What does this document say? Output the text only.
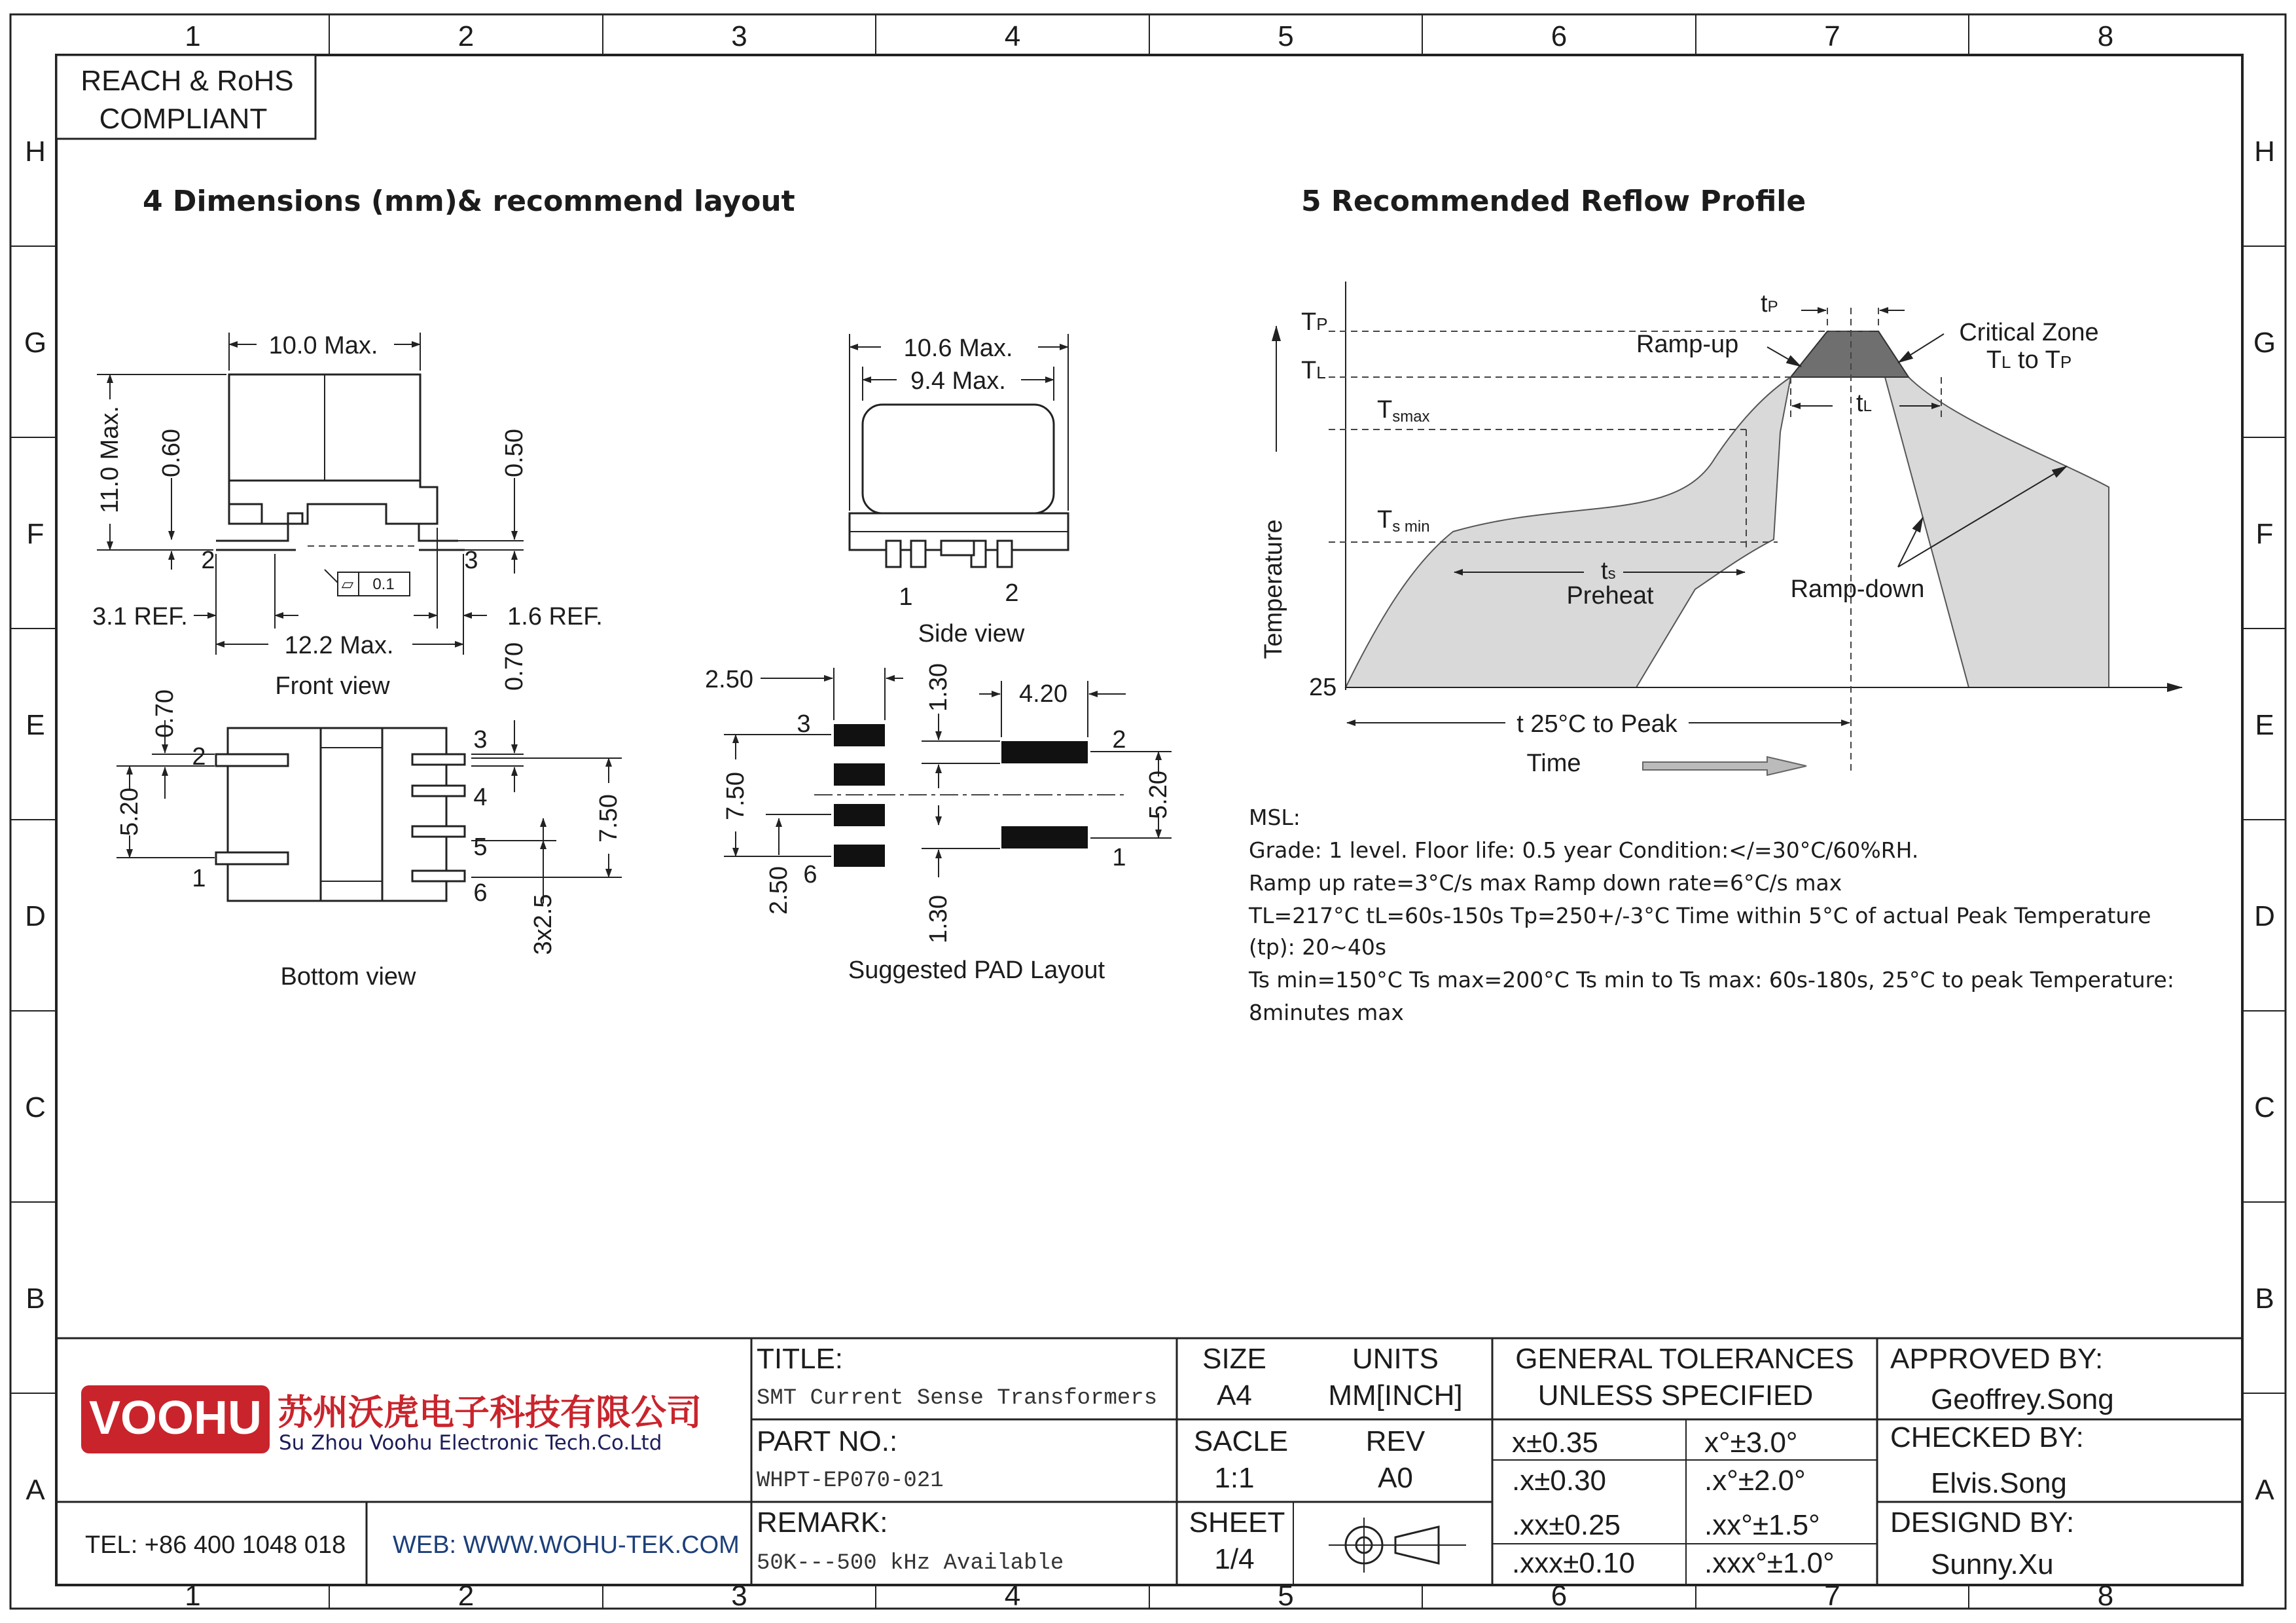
1	2	3	4	5	6	7	8
1	2	3	4	5	6	7	8
H
G
F
E
D
C
B
A
H
G
F
E
D
C
B
A
REACH & RoHS
COMPLIANT
4 Dimensions (mm)& recommend layout
▱ 0.1
10.0 Max.
11.0 Max. 0.60
2
0.50
3
3.1 REF.	1.6 REF.
12.2 Max.
Front view
10.6 Max.
9.4 Max.
1	2
Side view
0.70
5.20
0.70
7.50
3x2.5
2
1
3
4
5
6
Bottom view
2.50	1.30	4.20
7.50
2.50
1.30
5.20
3
6
2
1
Suggested PAD Layout
5 Recommended Reflow Profile
TP
TL
Tsmax
Ts min
25
Temperature
Time
tP
tL
ts
Preheat
Ramp-up	Critical Zone
TL to TP
Ramp-down
t 25°C to Peak
MSL:
Grade: 1 level. Floor life: 0.5 year Condition:</=30°C/60%RH.
Ramp up rate=3°C/s max Ramp down rate=6°C/s max
TL=217°C tL=60s-150s Tp=250+/-3°C Time within 5°C of actual Peak Temperature
(tp): 20~40s
Ts min=150°C Ts max=200°C Ts min to Ts max: 60s-180s, 25°C to peak Temperature:
8minutes max
VOOHU 苏州沃虎电子科技有限公司
Su Zhou Voohu Electronic Tech.Co.Ltd
TEL: +86 400 1048 018 WEB: WWW.WOHU-TEK.COM
TITLE:
SMT Current Sense Transformers
PART NO.:
WHPT-EP070-021
REMARK:
50K---500 kHz Available
SIZE
A4
UNITS
MM[INCH]
SACLE
1:1
REV
A0
SHEET
1/4
GENERAL TOLERANCES
UNLESS SPECIFIED
x±0.35	x°±3.0°
.x±0.30	.x°±2.0°
.xx±0.25	.xx°±1.5°
.xxx±0.10 .xxx°±1.0°
APPROVED BY:
Geoffrey.Song
CHECKED BY:
Elvis.Song
DESIGND BY:
Sunny.Xu
